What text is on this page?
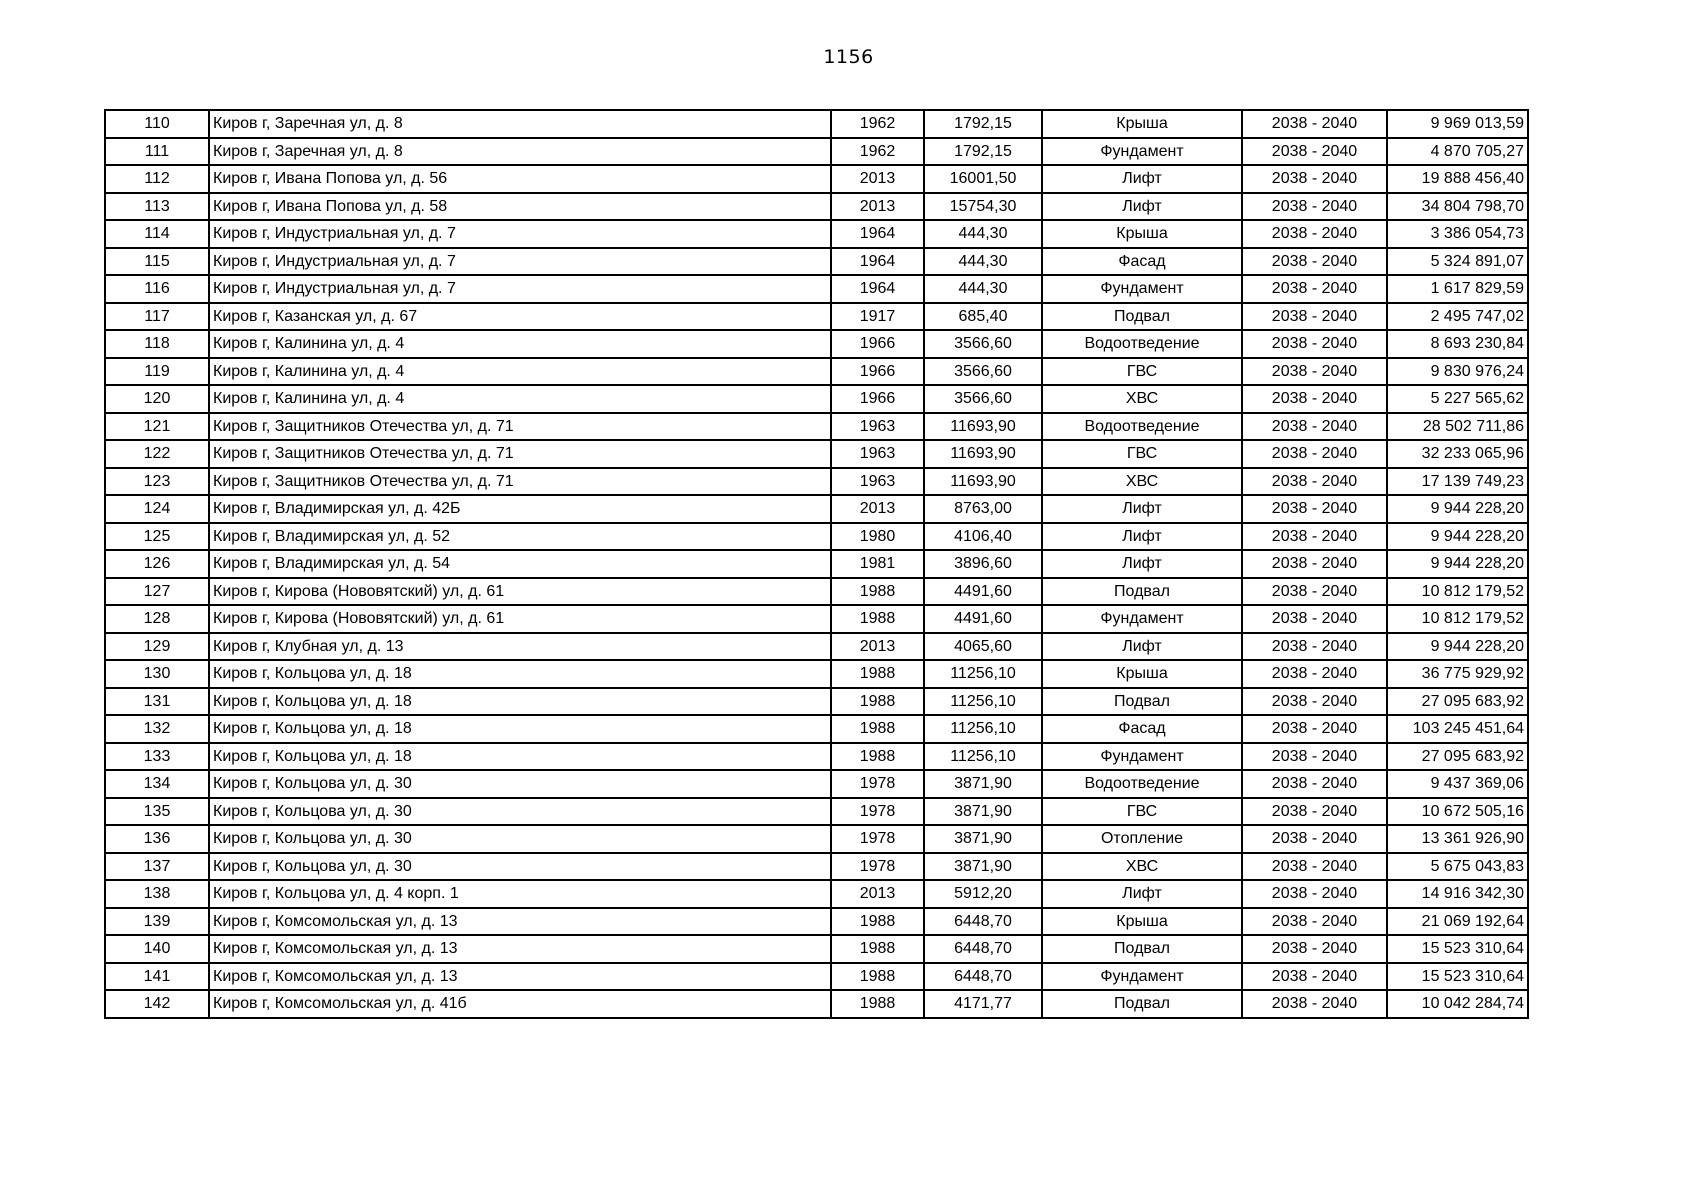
1156
110	Киров г, Заречная ул, д. 8	1962	1792,15	Крыша	2038 - 2040	9 969 013,59
111	Киров г, Заречная ул, д. 8	1962	1792,15	Фундамент	2038 - 2040	4 870 705,27
112	Киров г, Ивана Попова ул, д. 56	2013	16001,50	Лифт	2038 - 2040	19 888 456,40
113	Киров г, Ивана Попова ул, д. 58	2013	15754,30	Лифт	2038 - 2040	34 804 798,70
114	Киров г, Индустриальная ул, д. 7	1964	444,30	Крыша	2038 - 2040	3 386 054,73
115	Киров г, Индустриальная ул, д. 7	1964	444,30	Фасад	2038 - 2040	5 324 891,07
116	Киров г, Индустриальная ул, д. 7	1964	444,30	Фундамент	2038 - 2040	1 617 829,59
117	Киров г, Казанская ул, д. 67	1917	685,40	Подвал	2038 - 2040	2 495 747,02
118	Киров г, Калинина ул, д. 4	1966	3566,60	Водоотведение	2038 - 2040	8 693 230,84
119	Киров г, Калинина ул, д. 4	1966	3566,60	ГВС	2038 - 2040	9 830 976,24
120	Киров г, Калинина ул, д. 4	1966	3566,60	ХВС	2038 - 2040	5 227 565,62
121	Киров г, Защитников Отечества ул, д. 71	1963	11693,90	Водоотведение	2038 - 2040	28 502 711,86
122	Киров г, Защитников Отечества ул, д. 71	1963	11693,90	ГВС	2038 - 2040	32 233 065,96
123	Киров г, Защитников Отечества ул, д. 71	1963	11693,90	ХВС	2038 - 2040	17 139 749,23
124	Киров г, Владимирская ул, д. 42Б	2013	8763,00	Лифт	2038 - 2040	9 944 228,20
125	Киров г, Владимирская ул, д. 52	1980	4106,40	Лифт	2038 - 2040	9 944 228,20
126	Киров г, Владимирская ул, д. 54	1981	3896,60	Лифт	2038 - 2040	9 944 228,20
127	Киров г, Кирова (Нововятский) ул, д. 61	1988	4491,60	Подвал	2038 - 2040	10 812 179,52
128	Киров г, Кирова (Нововятский) ул, д. 61	1988	4491,60	Фундамент	2038 - 2040	10 812 179,52
129	Киров г, Клубная ул, д. 13	2013	4065,60	Лифт	2038 - 2040	9 944 228,20
130	Киров г, Кольцова ул, д. 18	1988	11256,10	Крыша	2038 - 2040	36 775 929,92
131	Киров г, Кольцова ул, д. 18	1988	11256,10	Подвал	2038 - 2040	27 095 683,92
132	Киров г, Кольцова ул, д. 18	1988	11256,10	Фасад	2038 - 2040	103 245 451,64
133	Киров г, Кольцова ул, д. 18	1988	11256,10	Фундамент	2038 - 2040	27 095 683,92
134	Киров г, Кольцова ул, д. 30	1978	3871,90	Водоотведение	2038 - 2040	9 437 369,06
135	Киров г, Кольцова ул, д. 30	1978	3871,90	ГВС	2038 - 2040	10 672 505,16
136	Киров г, Кольцова ул, д. 30	1978	3871,90	Отопление	2038 - 2040	13 361 926,90
137	Киров г, Кольцова ул, д. 30	1978	3871,90	ХВС	2038 - 2040	5 675 043,83
138	Киров г, Кольцова ул, д. 4 корп. 1	2013	5912,20	Лифт	2038 - 2040	14 916 342,30
139	Киров г, Комсомольская ул, д. 13	1988	6448,70	Крыша	2038 - 2040	21 069 192,64
140	Киров г, Комсомольская ул, д. 13	1988	6448,70	Подвал	2038 - 2040	15 523 310,64
141	Киров г, Комсомольская ул, д. 13	1988	6448,70	Фундамент	2038 - 2040	15 523 310,64
142	Киров г, Комсомольская ул, д. 41б	1988	4171,77	Подвал	2038 - 2040	10 042 284,74
